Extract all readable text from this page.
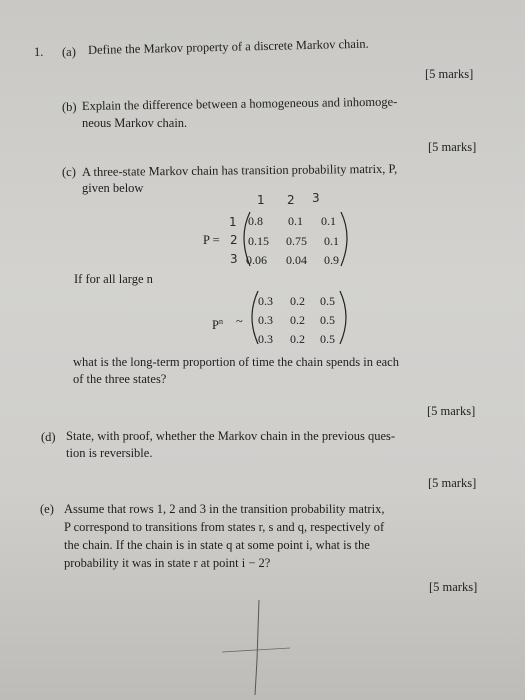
1. (a) Define the Markov property of a discrete Markov chain.
[5 marks]
(b) Explain the difference between a homogeneous and inhomoge-
neous Markov chain.
[5 marks]
(c) A three-state Markov chain has transition probability matrix, P,
given below
1 2 3
1
2
3
P =
0.8 0.1 0.1
0.15 0.75 0.1
0.06 0.04 0.9
If for all large n
$P^n$ ~
0.3 0.2 0.5
0.3 0.2 0.5
0.3 0.2 0.5
what is the long-term proportion of time the chain spends in each
of the three states?
[5 marks]
(d) State, with proof, whether the Markov chain in the previous ques-
tion is reversible.
[5 marks]
(e) Assume that rows 1, 2 and 3 in the transition probability matrix,
P correspond to transitions from states r, s and q, respectively of
the chain. If the chain is in state q at some point i, what is the
probability it was in state r at point i − 2?
[5 marks]
